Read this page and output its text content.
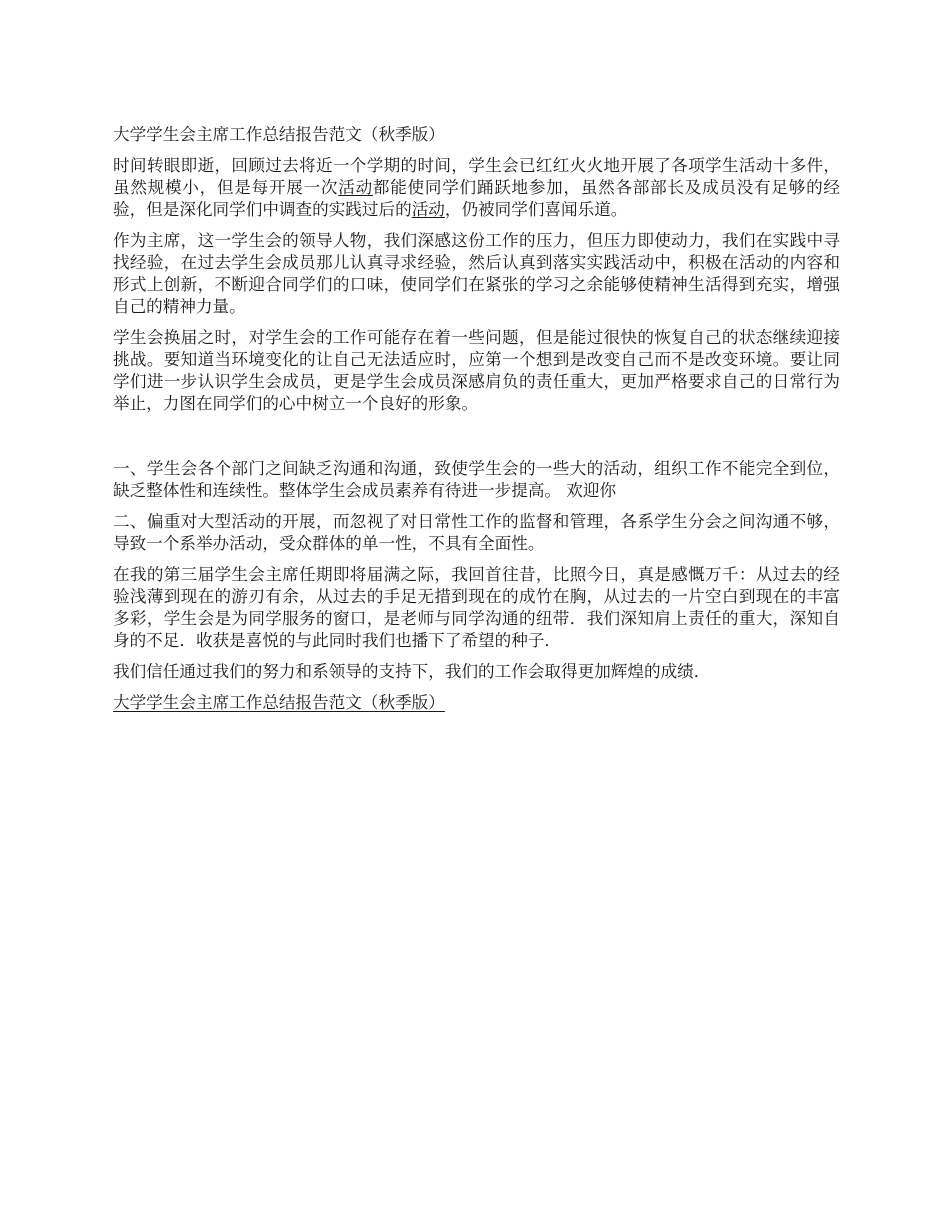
大学学生会主席工作总结报告范文（秋季版）

时间转眼即逝，回顾过去将近一个学期的时间，学生会已红红火火地开展了各项学生活动十多件，虽然规模小，但是每开展一次活动都能使同学们踊跃地参加，虽然各部部长及成员没有足够的经验，但是深化同学们中调查的实践过后的活动，仍被同学们喜闻乐道。

作为主席，这一学生会的领导人物，我们深感这份工作的压力，但压力即使动力，我们在实践中寻找经验，在过去学生会成员那儿认真寻求经验，然后认真到落实实践活动中，积极在活动的内容和形式上创新，不断迎合同学们的口味，使同学们在紧张的学习之余能够使精神生活得到充实，增强自己的精神力量。

学生会换届之时，对学生会的工作可能存在着一些问题，但是能过很快的恢复自己的状态继续迎接挑战。要知道当环境变化的让自己无法适应时，应第一个想到是改变自己而不是改变环境。要让同学们进一步认识学生会成员，更是学生会成员深感肩负的责任重大，更加严格要求自己的日常行为举止，力图在同学们的心中树立一个良好的形象。

一、学生会各个部门之间缺乏沟通和沟通，致使学生会的一些大的活动，组织工作不能完全到位，缺乏整体性和连续性。整体学生会成员素养有待进一步提高。 欢迎你

二、偏重对大型活动的开展，而忽视了对日常性工作的监督和管理，各系学生分会之间沟通不够，导致一个系举办活动，受众群体的单一性，不具有全面性。

在我的第三届学生会主席任期即将届满之际，我回首往昔，比照今日，真是感慨万千：从过去的经验浅薄到现在的游刃有余，从过去的手足无措到现在的成竹在胸，从过去的一片空白到现在的丰富多彩，学生会是为同学服务的窗口，是老师与同学沟通的纽带．我们深知肩上责任的重大，深知自身的不足．收获是喜悦的与此同时我们也播下了希望的种子．

我们信任通过我们的努力和系领导的支持下，我们的工作会取得更加辉煌的成绩．

大学学生会主席工作总结报告范文（秋季版）
